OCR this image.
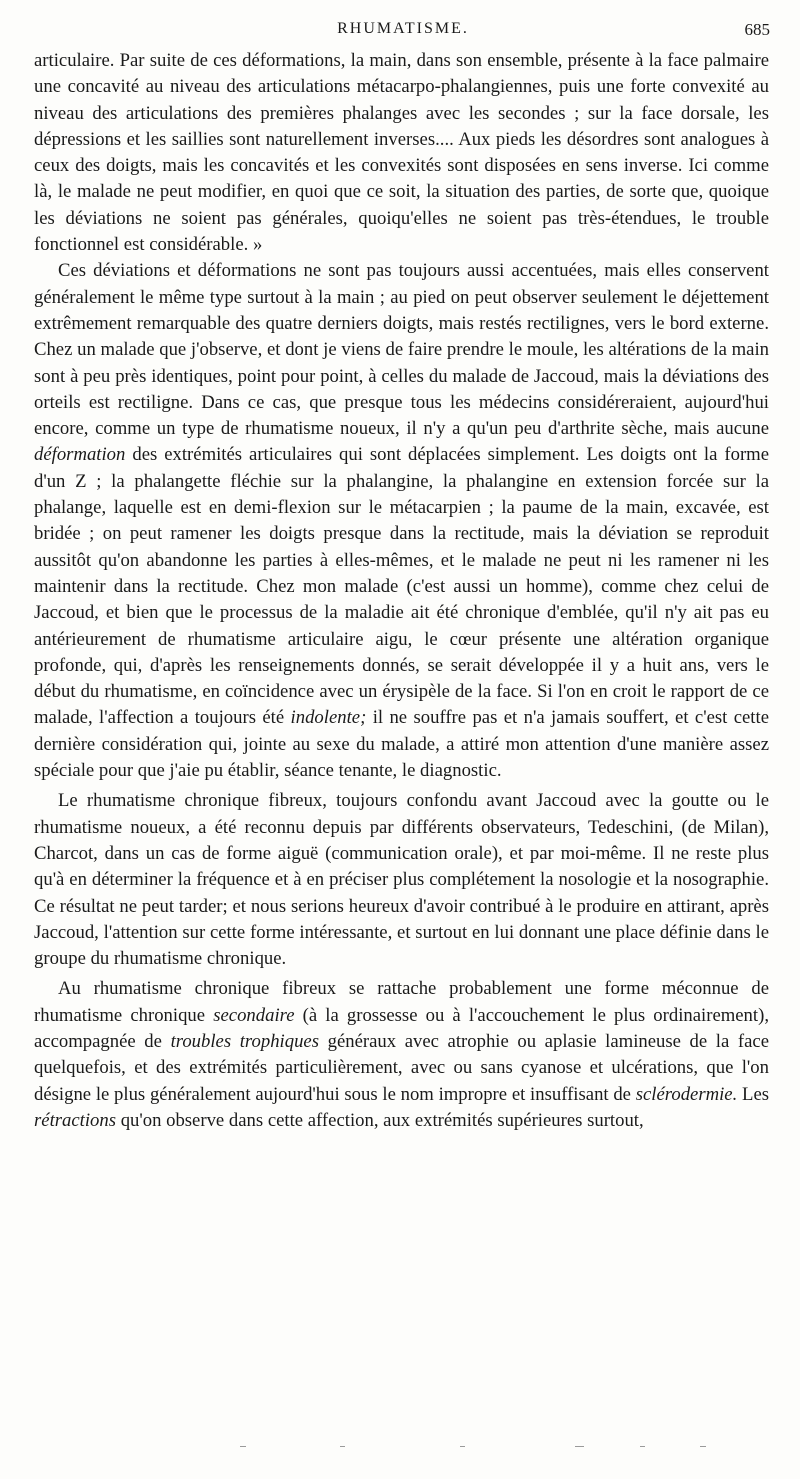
RHUMATISME.	685

articulaire. Par suite de ces déformations, la main, dans son ensemble, présente à la face palmaire une concavité au niveau des articulations métacarpo-phalangiennes, puis une forte convexité au niveau des articulations des premières phalanges avec les secondes ; sur la face dorsale, les dépressions et les saillies sont naturellement inverses.... Aux pieds les désordres sont analogues à ceux des doigts, mais les concavités et les convexités sont disposées en sens inverse. Ici comme là, le malade ne peut modifier, en quoi que ce soit, la situation des parties, de sorte que, quoique les déviations ne soient pas générales, quoiqu'elles ne soient pas très-étendues, le trouble fonctionnel est considérable. »

Ces déviations et déformations ne sont pas toujours aussi accentuées, mais elles conservent généralement le même type surtout à la main ; au pied on peut observer seulement le déjettement extrêmement remarquable des quatre derniers doigts, mais restés rectilignes, vers le bord externe. Chez un malade que j'observe, et dont je viens de faire prendre le moule, les altérations de la main sont à peu près identiques, point pour point, à celles du malade de Jaccoud, mais la déviations des orteils est rectiligne. Dans ce cas, que presque tous les médecins considéreraient, aujourd'hui encore, comme un type de rhumatisme noueux, il n'y a qu'un peu d'arthrite sèche, mais aucune déformation des extrémités articulaires qui sont déplacées simplement. Les doigts ont la forme d'un Z ; la phalangette fléchie sur la phalangine, la phalangine en extension forcée sur la phalange, laquelle est en demi-flexion sur le métacarpien ; la paume de la main, excavée, est bridée ; on peut ramener les doigts presque dans la rectitude, mais la déviation se reproduit aussitôt qu'on abandonne les parties à elles-mêmes, et le malade ne peut ni les ramener ni les maintenir dans la rectitude. Chez mon malade (c'est aussi un homme), comme chez celui de Jaccoud, et bien que le processus de la maladie ait été chronique d'emblée, qu'il n'y ait pas eu antérieurement de rhumatisme articulaire aigu, le cœur présente une altération organique profonde, qui, d'après les renseignements donnés, se serait développée il y a huit ans, vers le début du rhumatisme, en coïncidence avec un érysipèle de la face. Si l'on en croit le rapport de ce malade, l'affection a toujours été indolente; il ne souffre pas et n'a jamais souffert, et c'est cette dernière considération qui, jointe au sexe du malade, a attiré mon attention d'une manière assez spéciale pour que j'aie pu établir, séance tenante, le diagnostic.

Le rhumatisme chronique fibreux, toujours confondu avant Jaccoud avec la goutte ou le rhumatisme noueux, a été reconnu depuis par différents observateurs, Tedeschini, (de Milan), Charcot, dans un cas de forme aiguë (communication orale), et par moi-même. Il ne reste plus qu'à en déterminer la fréquence et à en préciser plus complétement la nosologie et la nosographie. Ce résultat ne peut tarder; et nous serions heureux d'avoir contribué à le produire en attirant, après Jaccoud, l'attention sur cette forme intéressante, et surtout en lui donnant une place définie dans le groupe du rhumatisme chronique.

Au rhumatisme chronique fibreux se rattache probablement une forme méconnue de rhumatisme chronique secondaire (à la grossesse ou à l'accouchement le plus ordinairement), accompagnée de troubles trophiques généraux avec atrophie ou aplasie lamineuse de la face quelquefois, et des extrémités particulièrement, avec ou sans cyanose et ulcérations, que l'on désigne le plus généralement aujourd'hui sous le nom impropre et insuffisant de sclérodermie. Les rétractions qu'on observe dans cette affection, aux extrémités supérieures surtout,
